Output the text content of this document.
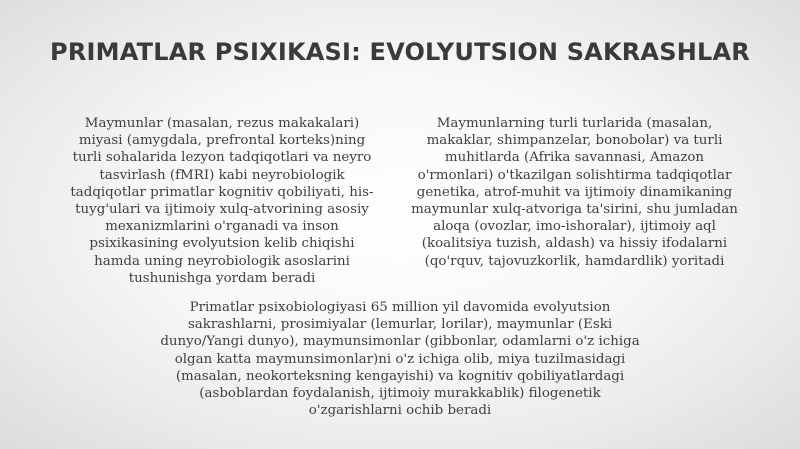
PRIMATLAR PSIXIKASI: EVOLYUTSION SAKRASHLAR
Maymunlar (masalan, rezus makakalari)
miyasi (amygdala, prefrontal korteks)ning
turli sohalarida lezyon tadqiqotlari va neyro
tasvirlash (fMRI) kabi neyrobiologik
tadqiqotlar primatlar kognitiv qobiliyati, his-
tuyg'ulari va ijtimoiy xulq-atvorining asosiy
mexanizmlarini o'rganadi va inson
psixikasining evolyutsion kelib chiqishi
hamda uning neyrobiologik asoslarini
tushunishga yordam beradi
Maymunlarning turli turlarida (masalan,
makaklar, shimpanzelar, bonobolar) va turli
muhitlarda (Afrika savannasi, Amazon
o'rmonlari) o'tkazilgan solishtirma tadqiqotlar
genetika, atrof-muhit va ijtimoiy dinamikaning
maymunlar xulq-atvoriga ta'sirini, shu jumladan
aloqa (ovozlar, imo-ishoralar), ijtimoiy aql
(koalitsiya tuzish, aldash) va hissiy ifodalarni
(qo'rquv, tajovuzkorlik, hamdardlik) yoritadi
Primatlar psixobiologiyasi 65 million yil davomida evolyutsion
sakrashlarni, prosimiyalar (lemurlar, lorilar), maymunlar (Eski
dunyo/Yangi dunyo), maymunsimonlar (gibbonlar, odamlarni o'z ichiga
olgan katta maymunsimonlar)ni o'z ichiga olib, miya tuzilmasidagi
(masalan, neokorteksning kengayishi) va kognitiv qobiliyatlardagi
(asboblardan foydalanish, ijtimoiy murakkablik) filogenetik
o'zgarishlarni ochib beradi
